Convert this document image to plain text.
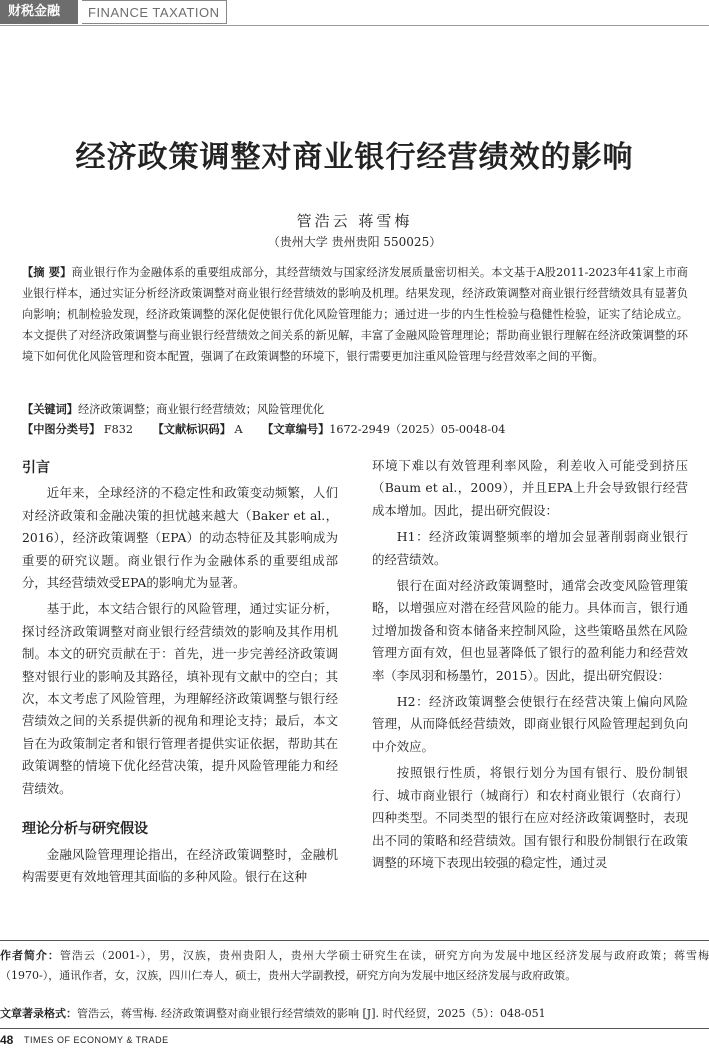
财税金融	FINANCE TAXATION
经济政策调整对商业银行经营绩效的影响
管浩云 蒋雪梅
（贵州大学 贵州贵阳 550025）
【摘 要】商业银行作为金融体系的重要组成部分，其经营绩效与国家经济发展质量密切相关。本文基于A股2011-2023年41家上市商业银行样本，通过实证分析经济政策调整对商业银行经营绩效的影响及机理。结果发现，经济政策调整对商业银行经营绩效具有显著负向影响；机制检验发现，经济政策调整的深化促使银行优化风险管理能力；通过进一步的内生性检验与稳健性检验，证实了结论成立。本文提供了对经济政策调整与商业银行经营绩效之间关系的新见解，丰富了金融风险管理理论；帮助商业银行理解在经济政策调整的环境下如何优化风险管理和资本配置，强调了在政策调整的环境下，银行需要更加注重风险管理与经营效率之间的平衡。
【关键词】经济政策调整；商业银行经营绩效；风险管理优化
【中图分类号】 F832 【文献标识码】 A 【文章编号】1672-2949（2025）05-0048-04
引言

近年来，全球经济的不稳定性和政策变动频繁，人们对经济政策和金融决策的担忧越来越大（Baker et al.，2016），经济政策调整（EPA）的动态特征及其影响成为重要的研究议题。商业银行作为金融体系的重要组成部分，其经营绩效受EPA的影响尤为显著。

基于此，本文结合银行的风险管理，通过实证分析，探讨经济政策调整对商业银行经营绩效的影响及其作用机制。本文的研究贡献在于：首先，进一步完善经济政策调整对银行业的影响及其路径，填补现有文献中的空白；其次，本文考虑了风险管理，为理解经济政策调整与银行经营绩效之间的关系提供新的视角和理论支持；最后，本文旨在为政策制定者和银行管理者提供实证依据，帮助其在政策调整的情境下优化经营决策，提升风险管理能力和经营绩效。

理论分析与研究假设

金融风险管理理论指出，在经济政策调整时，金融机构需要更有效地管理其面临的多种风险。银行在这种

环境下难以有效管理利率风险，利差收入可能受到挤压（Baum et al.，2009），并且EPA上升会导致银行经营成本增加。因此，提出研究假设：

H1：经济政策调整频率的增加会显著削弱商业银行的经营绩效。

银行在面对经济政策调整时，通常会改变风险管理策略，以增强应对潜在经营风险的能力。具体而言，银行通过增加拨备和资本储备来控制风险，这些策略虽然在风险管理方面有效，但也显著降低了银行的盈利能力和经营效率（李凤羽和杨墨竹，2015）。因此，提出研究假设：

H2：经济政策调整会使银行在经营决策上偏向风险管理，从而降低经营绩效，即商业银行风险管理起到负向中介效应。

按照银行性质，将银行划分为国有银行、股份制银行、城市商业银行（城商行）和农村商业银行（农商行）四种类型。不同类型的银行在应对经济政策调整时，表现出不同的策略和经营绩效。国有银行和股份制银行在政策调整的环境下表现出较强的稳定性，通过灵

作者简介：管浩云（2001-），男，汉族，贵州贵阳人，贵州大学硕士研究生在读，研究方向为发展中地区经济发展与政府政策；蒋雪梅（1970-），通讯作者，女，汉族，四川仁寿人，硕士，贵州大学副教授，研究方向为发展中地区经济发展与政府政策。
文章著录格式：管浩云，蒋雪梅. 经济政策调整对商业银行经营绩效的影响 [J]. 时代经贸，2025（5）：048-051
48 TIMES OF ECONOMY & TRADE
